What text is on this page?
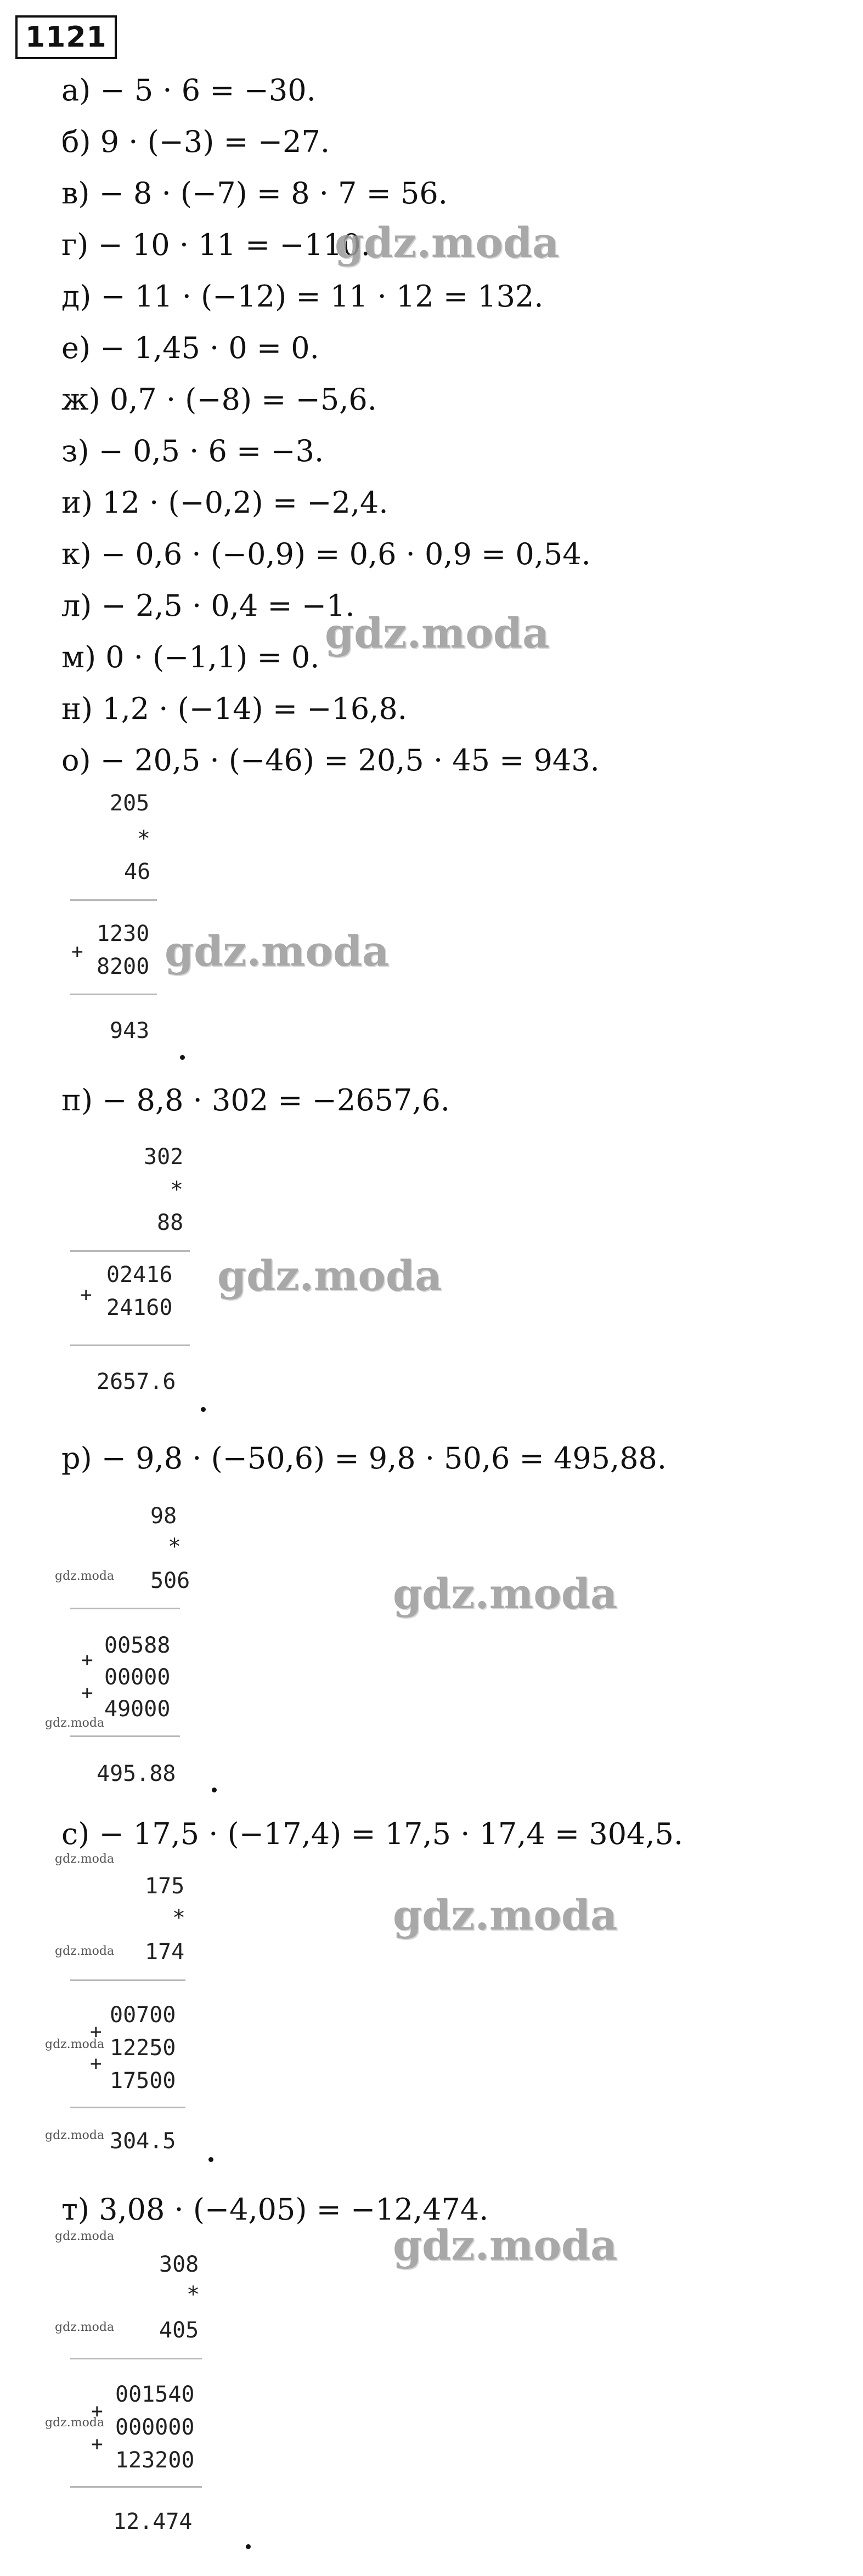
1121
а) − 5 · 6 = −30.
б) 9 · (−3) = −27.
в) − 8 · (−7) = 8 · 7 = 56.
г) − 10 · 11 = −110.
д) − 11 · (−12) = 11 · 12 = 132.
е) − 1,45 · 0 = 0.
ж) 0,7 · (−8) = −5,6.
з) − 0,5 · 6 = −3.
и) 12 · (−0,2) = −2,4.
к) − 0,6 · (−0,9) = 0,6 · 0,9 = 0,54.
л) − 2,5 · 0,4 = −1.
м) 0 · (−1,1) = 0.
н) 1,2 · (−14) = −16,8.
о) − 20,5 · (−46) = 20,5 · 45 = 943.
205
*
46
1230
+
8200
943
п) − 8,8 · 302 = −2657,6.
302
*
88
02416
+
24160
2657.6
р) − 9,8 · (−50,6) = 9,8 · 50,6 = 495,88.
98
*
506
00588
+
00000
+
49000
495.88
с) − 17,5 · (−17,4) = 17,5 · 17,4 = 304,5.
175
*
174
00700
+
12250
+
17500
304.5
т) 3,08 · (−4,05) = −12,474.
308
*
405
001540
+
000000
+
123200
12.474
gdz.moda
gdz.moda
gdz.moda
gdz.moda
gdz.moda
gdz.moda
gdz.moda
gdz.moda
gdz.moda
gdz.moda
gdz.moda
gdz.moda
gdz.moda
gdz.moda
gdz.moda
gdz.moda
